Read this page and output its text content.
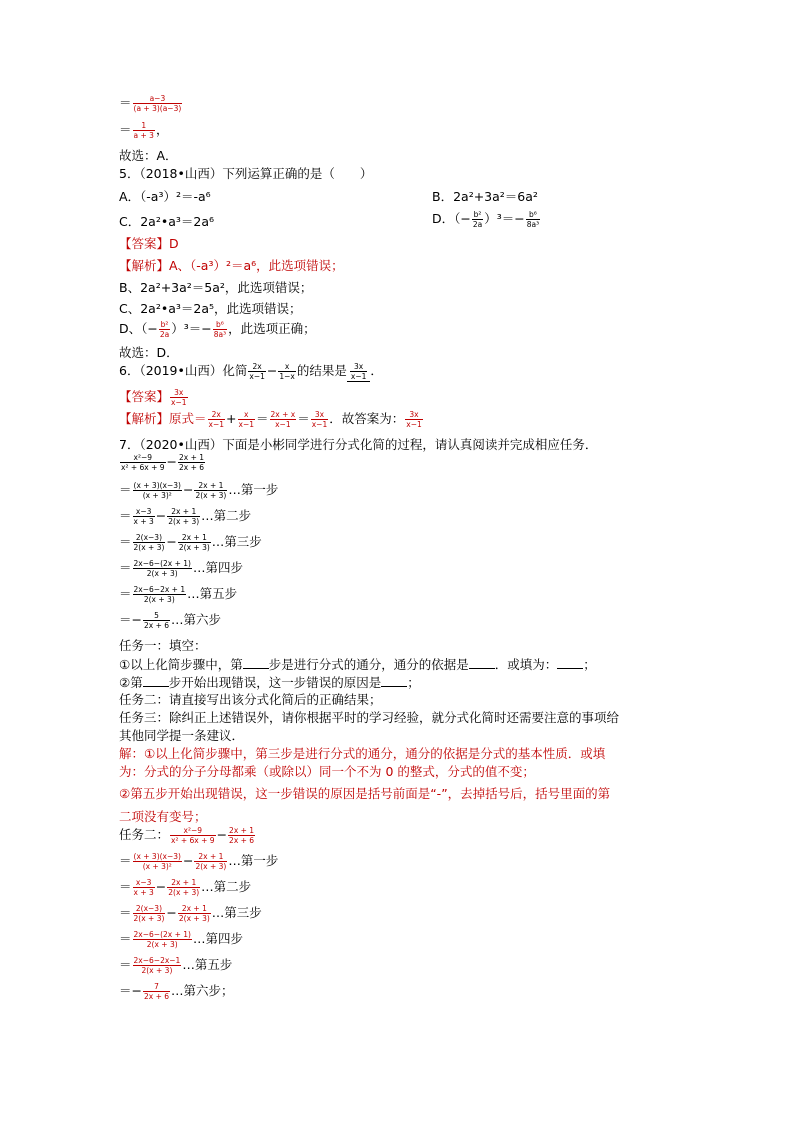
＝ $\frac{a-3}{(a + 3)(a-3)}$
＝ $\frac{1}{a + 3}$ ，
故选：A．
5．（2018•山西）下列运算正确的是（　　）
A．（-a³）²＝-a⁶	B．2a²+3a²＝6a²
C．2a²•a³＝2a⁶	D．（− $\frac{\text{b²}}{2a} )^3=- \frac{\text{b⁶}}{\text{8a³}}$
【答案】D
【解析】A、（-a³）²＝a⁶，此选项错误；
B、2a²+3a²＝5a²，此选项错误；
C、2a²•a³＝2a⁵，此选项错误；
D、（− $\frac{\text{b²}}{2a} )^3=- \frac{\text{b⁶}}{\text{8a³}}$ ，此选项正确；
故选：D．
6．（2019•山西）化简 $\frac{2x}{x-1} - \frac{x}{1-x}$ 的结果是 $\frac{3x}{x-1}$ ．
【答案】 $\frac{3x}{x-1}$
【解析】原式＝ $\frac{2x}{x-1} + \frac{x}{x-1} = \frac{2x + x}{x-1} = \frac{3x}{x-1}$ ．故答案为： $\frac{3x}{x-1}$
7．（2020•山西）下面是小彬同学进行分式化简的过程，请认真阅读并完成相应任务．
$\frac{\text{x²−9}}{\text{x² + 6x + 9}} - \frac{2x + 1}{2x + 6}$
＝ $\frac{(x + 3)(x-3)}{\text{(x + 3)²}} - \frac{2x + 1}{2(x + 3)}$ …第一步
＝ $\frac{x-3}{x + 3} - \frac{2x + 1}{2(x + 3)}$ …第二步
＝ $\frac{2(x-3)}{2(x + 3)} - \frac{2x + 1}{2(x + 3)}$ …第三步
＝ $\frac{2x-6-(2x + 1)}{2(x + 3)}$ …第四步
＝ $\frac{2x-6-2x + 1}{2(x + 3)}$ …第五步
＝− $\frac{5}{2x + 6}$ …第六步
任务一：填空：
①以上化简步骤中，第 步是进行分式的通分，通分的依据是 ．或填为： ；
②第 步开始出现错误，这一步错误的原因是 ；
任务二：请直接写出该分式化简后的正确结果；
任务三：除纠正上述错误外，请你根据平时的学习经验，就分式化简时还需要注意的事项给
其他同学提一条建议．
解：①以上化简步骤中，第三步是进行分式的通分，通分的依据是分式的基本性质．或填
为：分式的分子分母都乘（或除以）同一个不为 0 的整式，分式的值不变；
②第五步开始出现错误，这一步错误的原因是括号前面是“-”，去掉括号后，括号里面的第
二项没有变号；
任务二： $\frac{\text{x²−9}}{\text{x² + 6x + 9}} - \frac{2x + 1}{2x + 6}$
＝ $\frac{(x + 3)(x-3)}{\text{(x + 3)²}} - \frac{2x + 1}{2(x + 3)}$ …第一步
＝ $\frac{x-3}{x + 3} - \frac{2x + 1}{2(x + 3)}$ …第二步
＝ $\frac{2(x-3)}{2(x + 3)} - \frac{2x + 1}{2(x + 3)}$ …第三步
＝ $\frac{2x-6-(2x + 1)}{2(x + 3)}$ …第四步
＝ $\frac{2x-6-2x-1}{2(x + 3)}$ …第五步
＝− $\frac{7}{2x + 6}$ …第六步；
